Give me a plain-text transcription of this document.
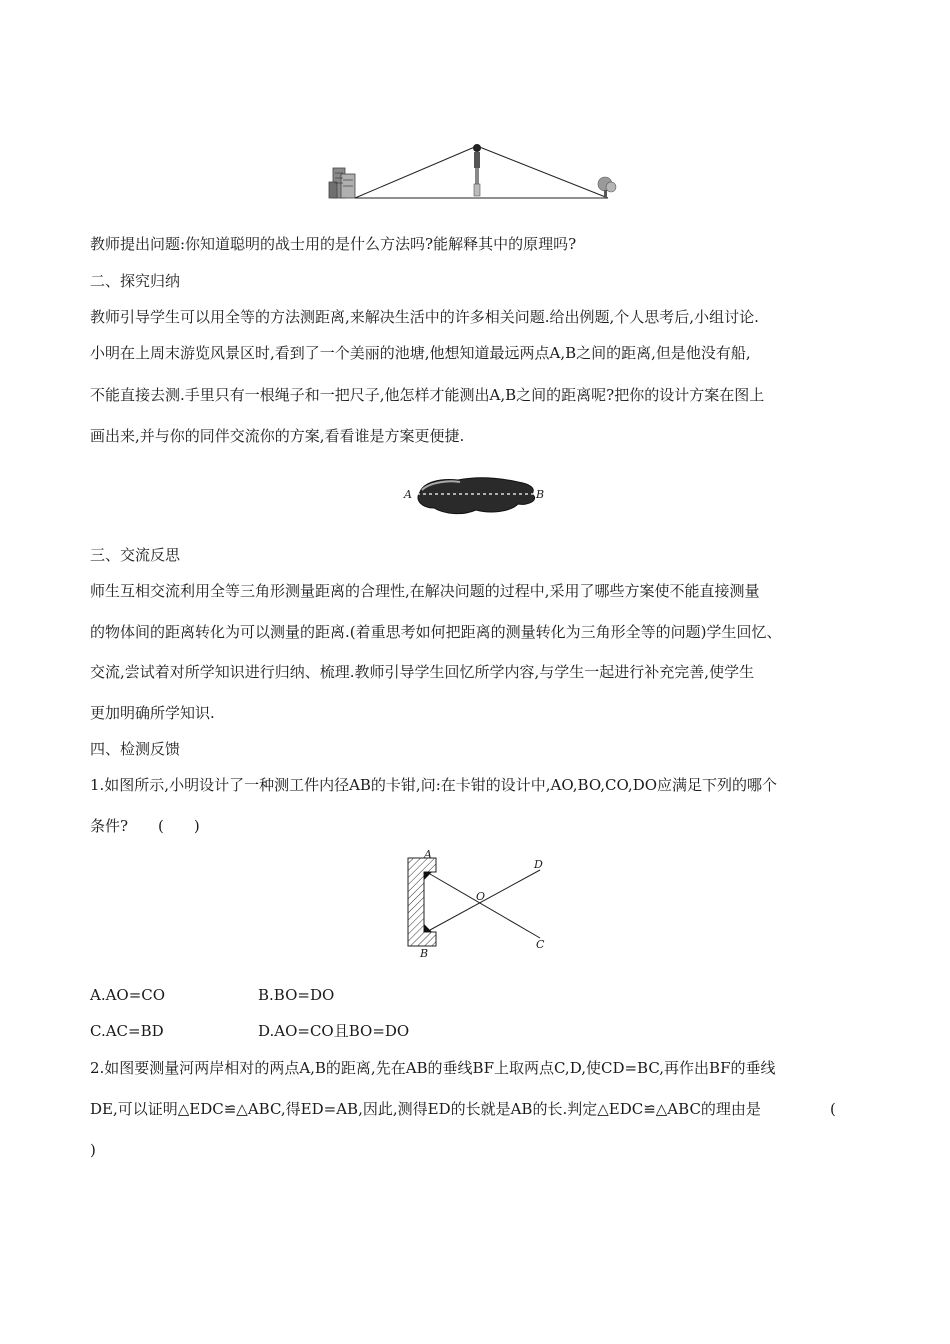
教师提出问题:你知道聪明的战士用的是什么方法吗?能解释其中的原理吗?
二、探究归纳
教师引导学生可以用全等的方法测距离,来解决生活中的许多相关问题.给出例题,个人思考后,小组讨论.
小明在上周末游览风景区时,看到了一个美丽的池塘,他想知道最远两点A,B之间的距离,但是他没有船,
不能直接去测.手里只有一根绳子和一把尺子,他怎样才能测出A,B之间的距离呢?把你的设计方案在图上
画出来,并与你的同伴交流你的方案,看看谁是方案更便捷.
A	B
三、交流反思
师生互相交流利用全等三角形测量距离的合理性,在解决问题的过程中,采用了哪些方案使不能直接测量
的物体间的距离转化为可以测量的距离.(着重思考如何把距离的测量转化为三角形全等的问题)学生回忆、
交流,尝试着对所学知识进行归纳、梳理.教师引导学生回忆所学内容,与学生一起进行补充完善,使学生
更加明确所学知识.
四、检测反馈
1.如图所示,小明设计了一种测工件内径AB的卡钳,问:在卡钳的设计中,AO,BO,CO,DO应满足下列的哪个
条件?　　(　　)
A
B
D
C
O
A.AO=CO	B.BO=DO
C.AC=BD	D.AO=CO且BO=DO
2.如图要测量河两岸相对的两点A,B的距离,先在AB的垂线BF上取两点C,D,使CD=BC,再作出BF的垂线
DE,可以证明△EDC≌△ABC,得ED=AB,因此,测得ED的长就是AB的长.判定△EDC≌△ABC的理由是	(
)
